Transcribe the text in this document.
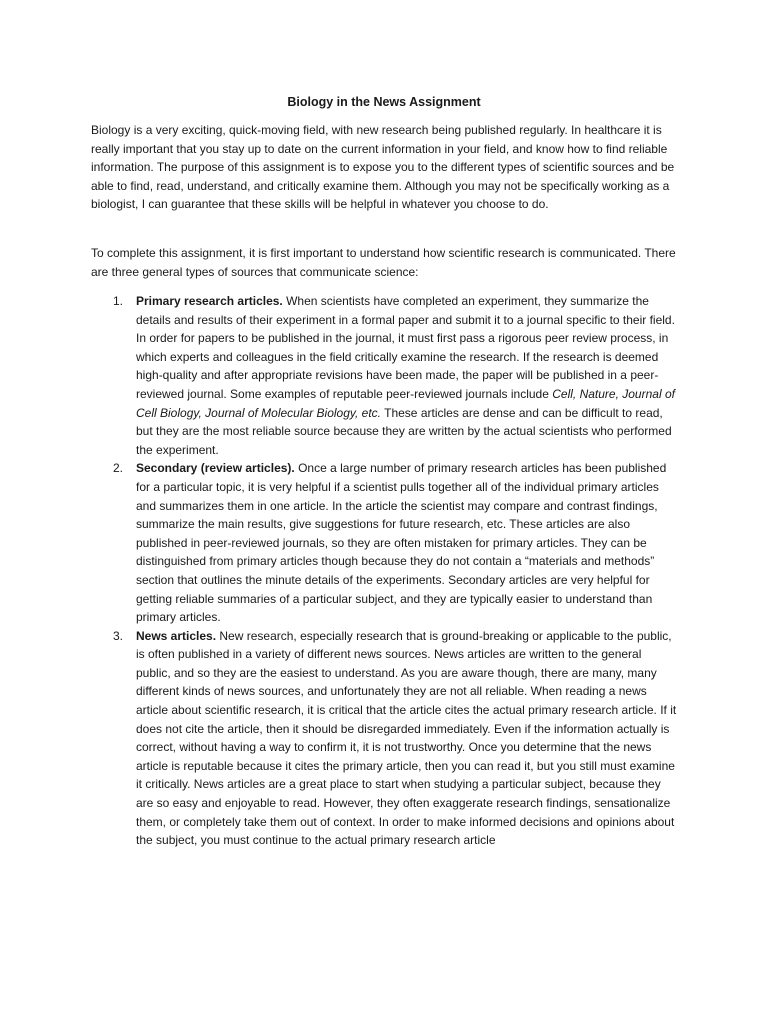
Biology in the News Assignment

Biology is a very exciting, quick-moving field, with new research being published regularly. In healthcare it is really important that you stay up to date on the current information in your field, and know how to find reliable information. The purpose of this assignment is to expose you to the different types of scientific sources and be able to find, read, understand, and critically examine them. Although you may not be specifically working as a biologist, I can guarantee that these skills will be helpful in whatever you choose to do.

To complete this assignment, it is first important to understand how scientific research is communicated. There are three general types of sources that communicate science:

1. Primary research articles. When scientists have completed an experiment, they summarize the details and results of their experiment in a formal paper and submit it to a journal specific to their field. In order for papers to be published in the journal, it must first pass a rigorous peer review process, in which experts and colleagues in the field critically examine the research. If the research is deemed high-quality and after appropriate revisions have been made, the paper will be published in a peer-reviewed journal. Some examples of reputable peer-reviewed journals include Cell, Nature, Journal of Cell Biology, Journal of Molecular Biology, etc. These articles are dense and can be difficult to read, but they are the most reliable source because they are written by the actual scientists who performed the experiment.
2. Secondary (review articles). Once a large number of primary research articles has been published for a particular topic, it is very helpful if a scientist pulls together all of the individual primary articles and summarizes them in one article. In the article the scientist may compare and contrast findings, summarize the main results, give suggestions for future research, etc. These articles are also published in peer-reviewed journals, so they are often mistaken for primary articles. They can be distinguished from primary articles though because they do not contain a “materials and methods” section that outlines the minute details of the experiments. Secondary articles are very helpful for getting reliable summaries of a particular subject, and they are typically easier to understand than primary articles.
3. News articles. New research, especially research that is ground-breaking or applicable to the public, is often published in a variety of different news sources. News articles are written to the general public, and so they are the easiest to understand. As you are aware though, there are many, many different kinds of news sources, and unfortunately they are not all reliable. When reading a news article about scientific research, it is critical that the article cites the actual primary research article. If it does not cite the article, then it should be disregarded immediately. Even if the information actually is correct, without having a way to confirm it, it is not trustworthy. Once you determine that the news article is reputable because it cites the primary article, then you can read it, but you still must examine it critically. News articles are a great place to start when studying a particular subject, because they are so easy and enjoyable to read. However, they often exaggerate research findings, sensationalize them, or completely take them out of context. In order to make informed decisions and opinions about the subject, you must continue to the actual primary research article
